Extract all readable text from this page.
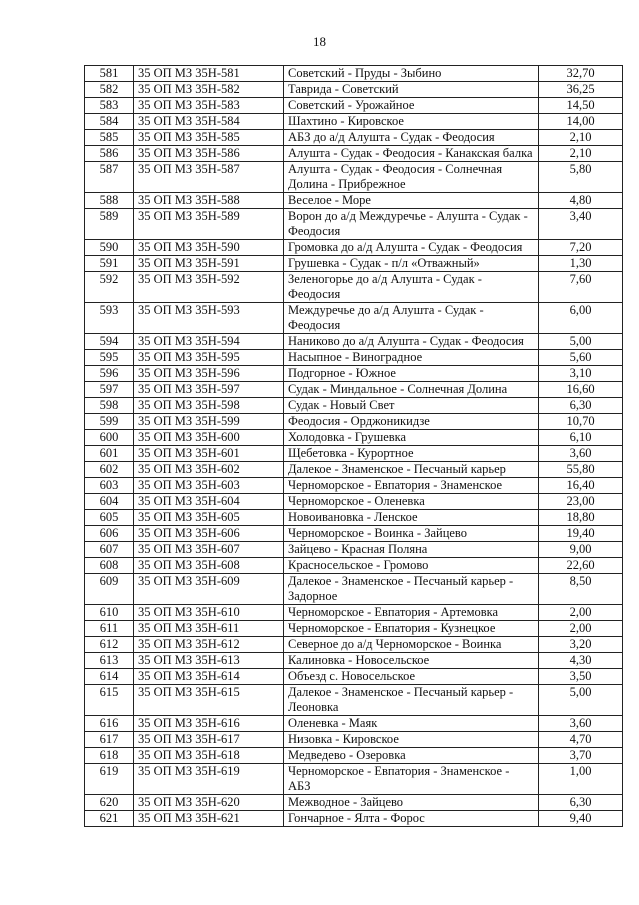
18
581	35 ОП МЗ 35Н-581	Советский - Пруды - Зыбино	32,70
582	35 ОП МЗ 35Н-582	Таврида - Советский	36,25
583	35 ОП МЗ 35Н-583	Советский - Урожайное	14,50
584	35 ОП МЗ 35Н-584	Шахтино - Кировское	14,00
585	35 ОП МЗ 35Н-585	АБЗ до а/д Алушта - Судак - Феодосия	2,10
586	35 ОП МЗ 35Н-586	Алушта - Судак - Феодосия - Канакская балка	2,10
587	35 ОП МЗ 35Н-587	Алушта - Судак - Феодосия - Солнечная Долина - Прибрежное	5,80
588	35 ОП МЗ 35Н-588	Веселое - Море	4,80
589	35 ОП МЗ 35Н-589	Ворон до а/д Междуречье - Алушта - Судак - Феодосия	3,40
590	35 ОП МЗ 35Н-590	Громовка до а/д Алушта - Судак - Феодосия	7,20
591	35 ОП МЗ 35Н-591	Грушевка - Судак - п/л «Отважный»	1,30
592	35 ОП МЗ 35Н-592	Зеленогорье до а/д Алушта - Судак - Феодосия	7,60
593	35 ОП МЗ 35Н-593	Междуречье до а/д Алушта - Судак - Феодосия	6,00
594	35 ОП МЗ 35Н-594	Наниково до а/д Алушта - Судак - Феодосия	5,00
595	35 ОП МЗ 35Н-595	Насыпное - Виноградное	5,60
596	35 ОП МЗ 35Н-596	Подгорное - Южное	3,10
597	35 ОП МЗ 35Н-597	Судак - Миндальное - Солнечная Долина	16,60
598	35 ОП МЗ 35Н-598	Судак - Новый Свет	6,30
599	35 ОП МЗ 35Н-599	Феодосия - Орджоникидзе	10,70
600	35 ОП МЗ 35Н-600	Холодовка - Грушевка	6,10
601	35 ОП МЗ 35Н-601	Щебетовка - Курортное	3,60
602	35 ОП МЗ 35Н-602	Далекое - Знаменское - Песчаный карьер	55,80
603	35 ОП МЗ 35Н-603	Черноморское - Евпатория - Знаменское	16,40
604	35 ОП МЗ 35Н-604	Черноморское - Оленевка	23,00
605	35 ОП МЗ 35Н-605	Новоивановка - Ленское	18,80
606	35 ОП МЗ 35Н-606	Черноморское - Воинка - Зайцево	19,40
607	35 ОП МЗ 35Н-607	Зайцево - Красная Поляна	9,00
608	35 ОП МЗ 35Н-608	Красносельское - Громово	22,60
609	35 ОП МЗ 35Н-609	Далекое - Знаменское - Песчаный карьер - Задорное	8,50
610	35 ОП МЗ 35Н-610	Черноморское - Евпатория - Артемовка	2,00
611	35 ОП МЗ 35Н-611	Черноморское - Евпатория - Кузнецкое	2,00
612	35 ОП МЗ 35Н-612	Северное до а/д Черноморское - Воинка	3,20
613	35 ОП МЗ 35Н-613	Калиновка - Новосельское	4,30
614	35 ОП МЗ 35Н-614	Объезд с. Новосельское	3,50
615	35 ОП МЗ 35Н-615	Далекое - Знаменское - Песчаный карьер - Леоновка	5,00
616	35 ОП МЗ 35Н-616	Оленевка - Маяк	3,60
617	35 ОП МЗ 35Н-617	Низовка - Кировское	4,70
618	35 ОП МЗ 35Н-618	Медведево - Озеровка	3,70
619	35 ОП МЗ 35Н-619	Черноморское - Евпатория - Знаменское - АБЗ	1,00
620	35 ОП МЗ 35Н-620	Межводное - Зайцево	6,30
621	35 ОП МЗ 35Н-621	Гончарное - Ялта - Форос	9,40
